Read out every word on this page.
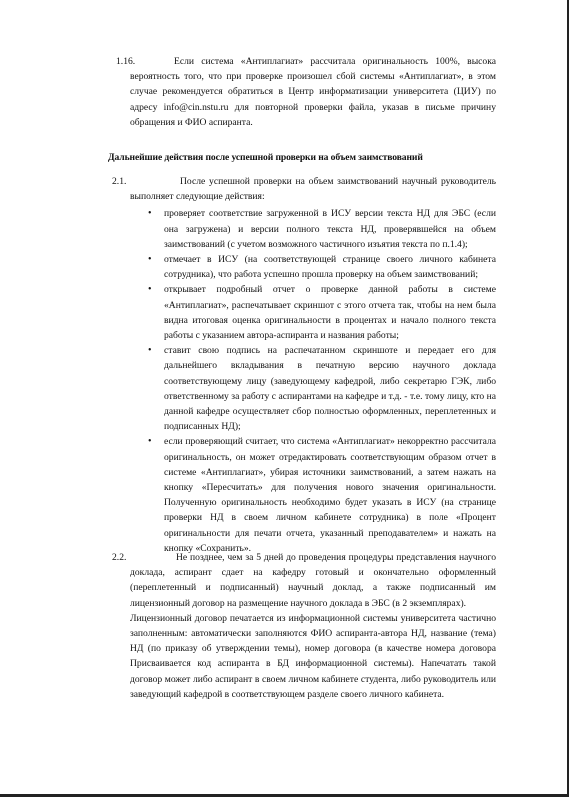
1.16.	Если система «Антиплагиат» рассчитала оригинальность 100%, высока вероятность того, что при проверке произошел сбой системы «Антиплагиат», в этом случае рекомендуется обратиться в Центр информатизации университета (ЦИУ) по адресу info@cin.nstu.ru для повторной проверки файла, указав в письме причину обращения и ФИО аспиранта.
Дальнейшие действия после успешной проверки на объем заимствований
2.1.	После успешной проверки на объем заимствований научный руководитель выполняет следующие действия:
• проверяет соответствие загруженной в ИСУ версии текста НД для ЭБС (если она загружена) и версии полного текста НД, проверявшейся на объем заимствований (с учетом возможного частичного изъятия текста по п.1.4);
• отмечает в ИСУ (на соответствующей странице своего личного кабинета сотрудника), что работа успешно прошла проверку на объем заимствований;
• открывает подробный отчет о проверке данной работы в системе «Антиплагиат», распечатывает скриншот с этого отчета так, чтобы на нем была видна итоговая оценка оригинальности в процентах и начало полного текста работы с указанием автора-аспиранта и названия работы;
• ставит свою подпись на распечатанном скриншоте и передает его для дальнейшего вкладывания в печатную версию научного доклада соответствующему лицу (заведующему кафедрой, либо секретарю ГЭК, либо ответственному за работу с аспирантами на кафедре и т.д. - т.е. тому лицу, кто на данной кафедре осуществляет сбор полностью оформленных, переплетенных и подписанных НД);
• если проверяющий считает, что система «Антиплагиат» некорректно рассчитала оригинальность, он может отредактировать соответствующим образом отчет в системе «Антиплагиат», убирая источники заимствований, а затем нажать на кнопку «Пересчитать» для получения нового значения оригинальности. Полученную оригинальность необходимо будет указать в ИСУ (на странице проверки НД в своем личном кабинете сотрудника) в поле «Процент оригинальности для печати отчета, указанный преподавателем» и нажать на кнопку «Сохранить».
2.2.	Не позднее, чем за 5 дней до проведения процедуры представления научного доклада, аспирант сдает на кафедру готовый и окончательно оформленный (переплетенный и подписанный) научный доклад, а также подписанный им лицензионный договор на размещение научного доклада в ЭБС (в 2 экземплярах).
Лицензионный договор печатается из информационной системы университета частично заполненным: автоматически заполняются ФИО аспиранта-автора НД, название (тема) НД (по приказу об утверждении темы), номер договора (в качестве номера договора Присваивается код аспиранта в БД информационной системы). Напечатать такой договор может либо аспирант в своем личном кабинете студента, либо руководитель или заведующий кафедрой в соответствующем разделе своего личного кабинета.
